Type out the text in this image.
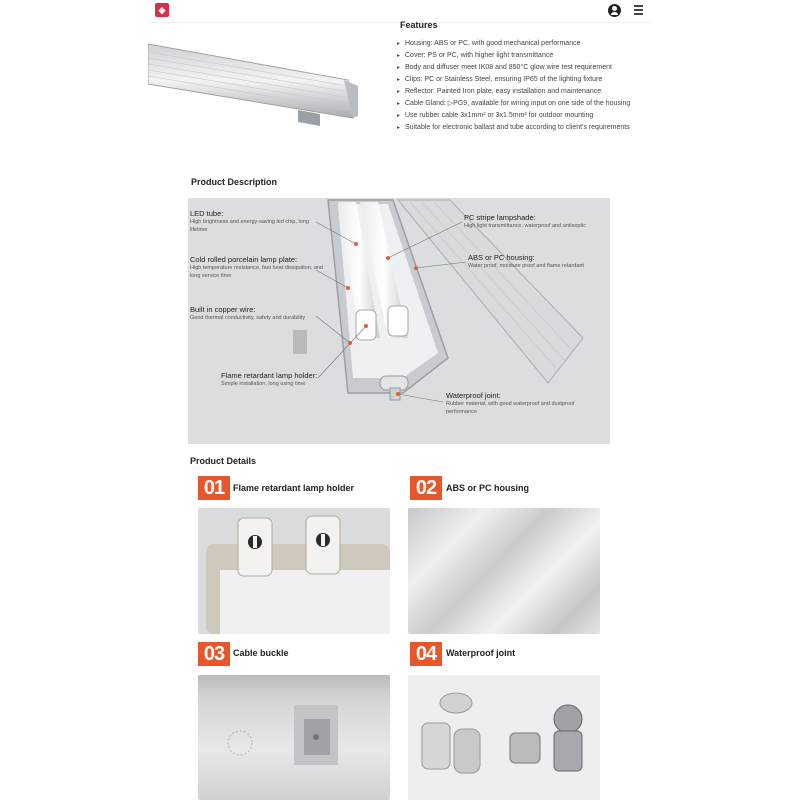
◈
Features
▸ Housing: ABS or PC, with good mechanical performance
▸ Cover: PS or PC, with higher light transmittance
▸ Body and diffuser meet IK08 and 850°C glow wire test requirement
▸ Clips: PC or Stainless Steel, ensuring IP65 of the lighting fixture
▸ Reflector: Painted Iron plate, easy installation and maintenance
▸ Cable Gland: ▷PG9, available for wiring input on one side of the housing
▸ Use rubber cable 3x1mm² or 3x1.5mm² for outdoor mounting
▸ Suitable for electronic ballast and tube according to client's requirements
Product Description
LED tube:
High brightness and energy-saving led chip, long lifetime
Cold rolled porcelain lamp plate:
High temperature resistance, fast heat dissipation, and long service time
Built in copper wire:
Good thermal conductivity, safety and durability
Flame retardant lamp holder:
Simple installation, long using time
PC stripe lampshade:
High light transmittance, waterproof and antiseptic
ABS or PC housing:
Water proof, moisture proof and flame retardant
Waterproof joint:
Rubber material, with good waterproof and dustproof performance
Product Details
01 Flame retardant lamp holder	02	ABS or PC housing
03 Cable buckle	04	Waterproof joint
